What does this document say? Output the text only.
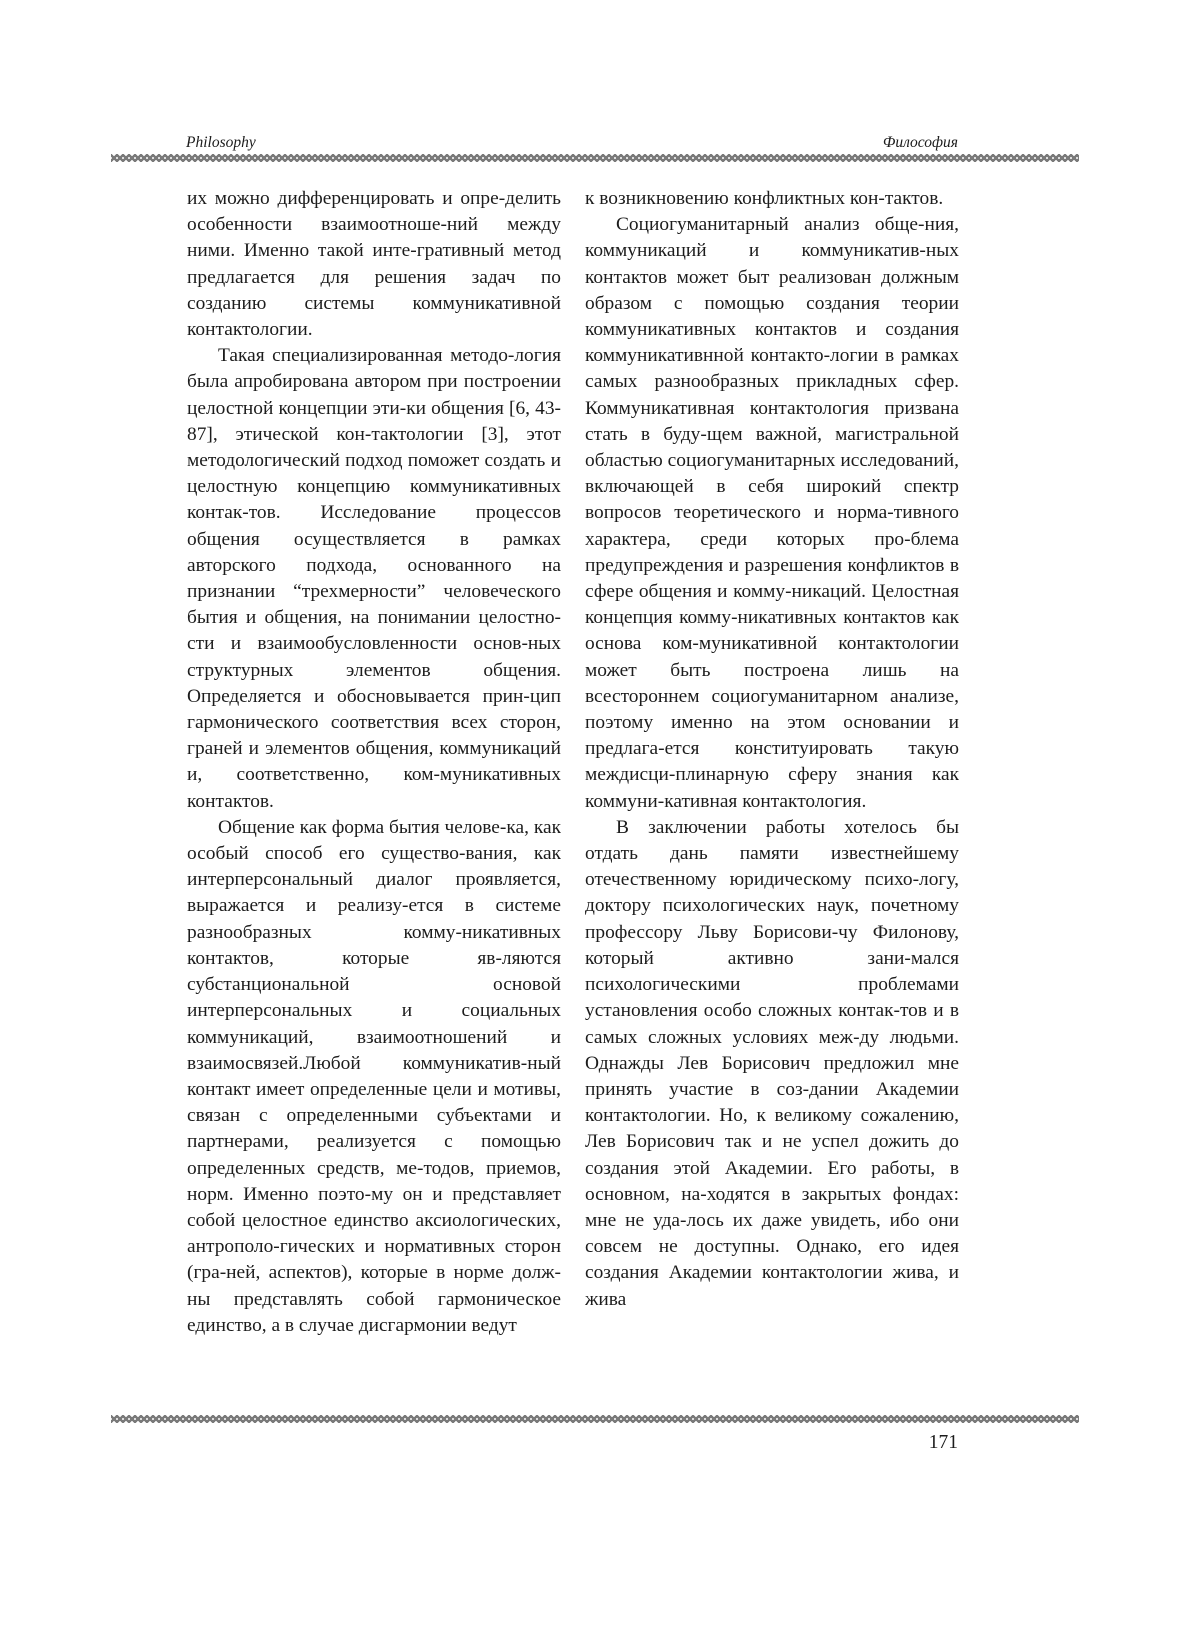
Philosophy	Философия

их можно дифференцировать и опре-делить особенности взаимоотноше-ний между ними. Именно такой инте-гративный метод предлагается для решения задач по созданию системы коммуникативной контактологии.

Такая специализированная методо-логия была апробирована автором при построении целостной концепции эти-ки общения [6, 43-87], этической кон-тактологии [3], этот методологический подход поможет создать и целостную концепцию коммуникативных контак-тов. Исследование процессов общения осуществляется в рамках авторского подхода, основанного на признании “трехмерности” человеческого бытия и общения, на понимании целостно-сти и взаимообусловленности основ-ных структурных элементов общения. Определяется и обосновывается прин-цип гармонического соответствия всех сторон, граней и элементов общения, коммуникаций и, соответственно, ком-муникативных контактов.

Общение как форма бытия челове-ка, как особый способ его существо-вания, как интерперсональный диалог проявляется, выражается и реализу-ется в системе разнообразных комму-никативных контактов, которые яв-ляются субстанциональной основой интерперсональных и социальных коммуникаций, взаимоотношений и взаимосвязей.Любой коммуникатив-ный контакт имеет определенные цели и мотивы, связан с определенными субъектами и партнерами, реализуется с помощью определенных средств, ме-тодов, приемов, норм. Именно поэто-му он и представляет собой целостное единство аксиологических, антрополо-гических и нормативных сторон (гра-ней, аспектов), которые в норме долж-ны представлять собой гармоническое единство, а в случае дисгармонии ведут

к возникновению конфликтных кон-тактов.

Социогуманитарный анализ обще-ния, коммуникаций и коммуникатив-ных контактов может быт реализован должным образом с помощью создания теории коммуникативных контактов и создания коммуникативнной контакто-логии в рамках самых разнообразных прикладных сфер. Коммуникативная контактология призвана стать в буду-щем важной, магистральной областью социогуманитарных исследований, включающей в себя широкий спектр вопросов теоретического и норма-тивного характера, среди которых про-блема предупреждения и разрешения конфликтов в сфере общения и комму-никаций. Целостная концепция комму-никативных контактов как основа ком-муникативной контактологии может быть построена лишь на всестороннем социогуманитарном анализе, поэтому именно на этом основании и предлага-ется конституировать такую междисци-плинарную сферу знания как коммуни-кативная контактология.

В заключении работы хотелось бы отдать дань памяти известнейшему отечественному юридическому психо-логу, доктору психологических наук, почетному профессору Льву Борисови-чу Филонову, который активно зани-мался психологическими проблемами установления особо сложных контак-тов и в самых сложных условиях меж-ду людьми. Однажды Лев Борисович предложил мне принять участие в соз-дании Академии контактологии. Но, к великому сожалению, Лев Борисович так и не успел дожить до создания этой Академии. Его работы, в основном, на-ходятся в закрытых фондах: мне не уда-лось их даже увидеть, ибо они совсем не доступны. Однако, его идея создания Академии контактологии жива, и жива

171
